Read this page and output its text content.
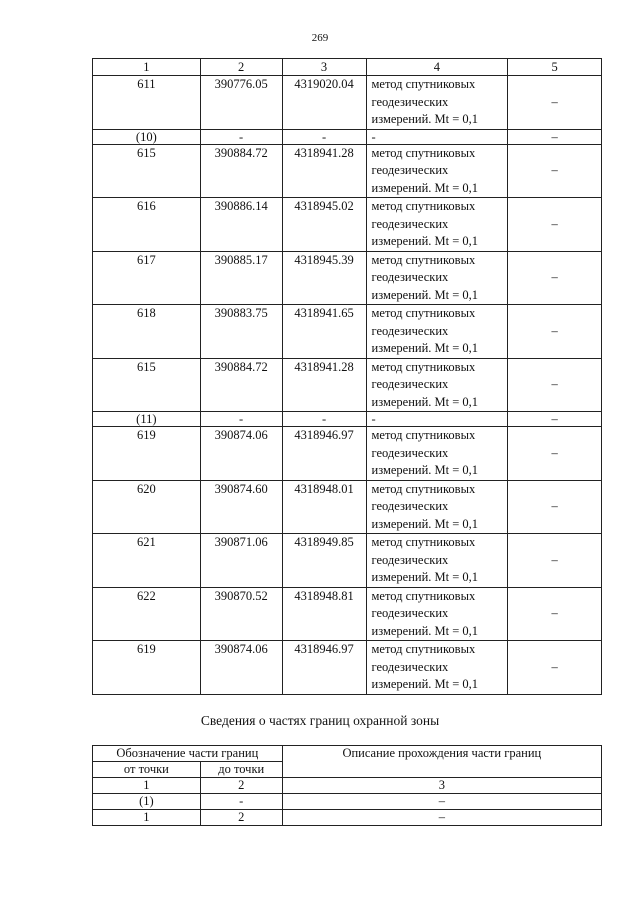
269
1	2	3	4	5
611	390776.05	4319020.04	метод спутниковых геодезических измерений. Mt = 0,1	–
(10)	-	-	-	–
615	390884.72	4318941.28	метод спутниковых геодезических измерений. Mt = 0,1	–
616	390886.14	4318945.02	метод спутниковых геодезических измерений. Mt = 0,1	–
617	390885.17	4318945.39	метод спутниковых геодезических измерений. Mt = 0,1	–
618	390883.75	4318941.65	метод спутниковых геодезических измерений. Mt = 0,1	–
615	390884.72	4318941.28	метод спутниковых геодезических измерений. Mt = 0,1	–
(11)	-	-	-	–
619	390874.06	4318946.97	метод спутниковых геодезических измерений. Mt = 0,1	–
620	390874.60	4318948.01	метод спутниковых геодезических измерений. Mt = 0,1	–
621	390871.06	4318949.85	метод спутниковых геодезических измерений. Mt = 0,1	–
622	390870.52	4318948.81	метод спутниковых геодезических измерений. Mt = 0,1	–
619	390874.06	4318946.97	метод спутниковых геодезических измерений. Mt = 0,1	–
Сведения о частях границ охранной зоны
Обозначение части границ		Описание прохождения части границ
от точки	до точки	
1	2	3
(1)	-	–
1	2	–
